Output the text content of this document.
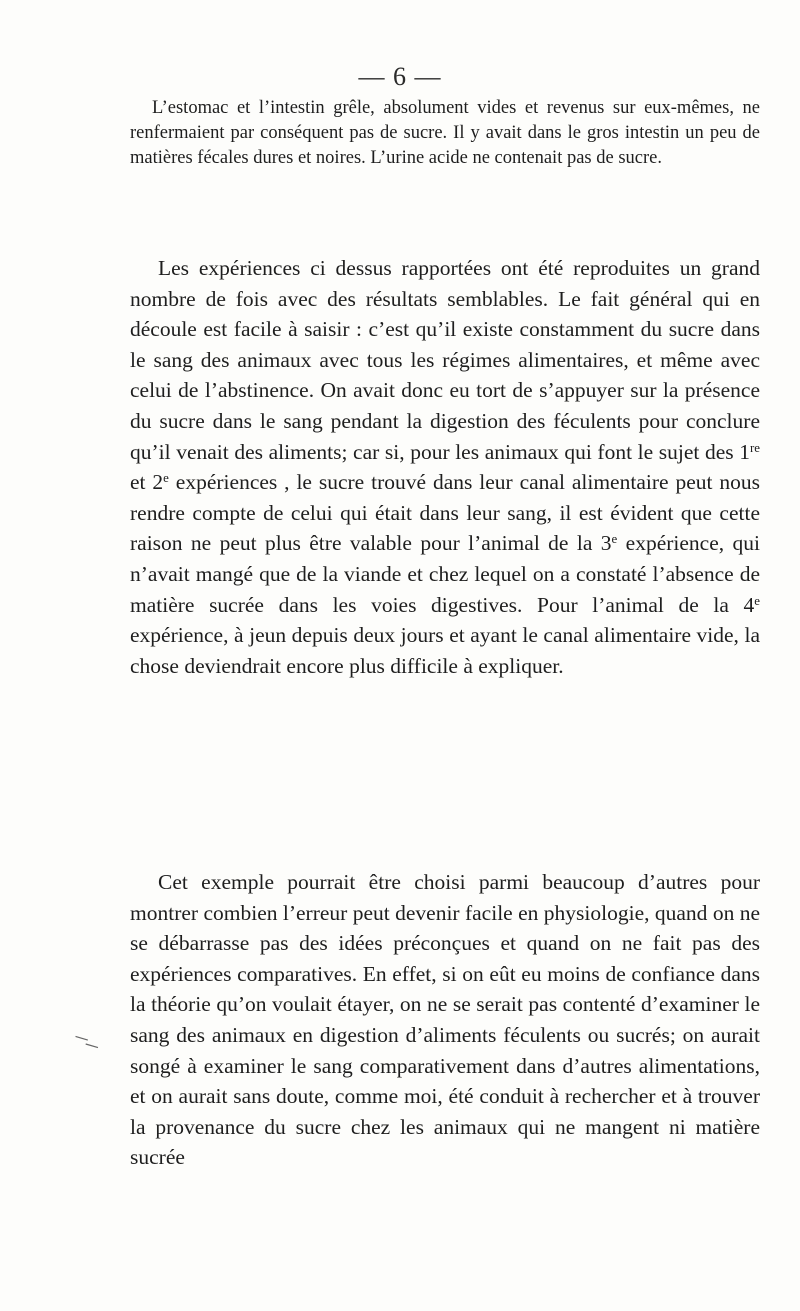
— 6 —

L’estomac et l’intestin grêle, absolument vides et revenus sur eux-mêmes, ne renfermaient par conséquent pas de sucre. Il y avait dans le gros intestin un peu de matières fécales dures et noires. L’urine acide ne contenait pas de sucre.

Les expériences ci dessus rapportées ont été reproduites un grand nombre de fois avec des résultats semblables. Le fait général qui en découle est facile à saisir : c’est qu’il existe constamment du sucre dans le sang des animaux avec tous les régimes alimentaires, et même avec celui de l’abstinence. On avait donc eu tort de s’appuyer sur la présence du sucre dans le sang pendant la digestion des féculents pour conclure qu’il venait des aliments; car si, pour les animaux qui font le sujet des 1re et 2e expériences , le sucre trouvé dans leur canal alimentaire peut nous rendre compte de celui qui était dans leur sang, il est évident que cette raison ne peut plus être valable pour l’animal de la 3e expérience, qui n’avait mangé que de la viande et chez lequel on a constaté l’absence de matière sucrée dans les voies digestives. Pour l’animal de la 4e expérience, à jeun depuis deux jours et ayant le canal alimentaire vide, la chose deviendrait encore plus difficile à expliquer.

Cet exemple pourrait être choisi parmi beaucoup d’autres pour montrer combien l’erreur peut devenir facile en physiologie, quand on ne se débarrasse pas des idées préconçues et quand on ne fait pas des expériences comparatives. En effet, si on eût eu moins de confiance dans la théorie qu’on voulait étayer, on ne se serait pas contenté d’examiner le sang des animaux en digestion d’aliments féculents ou sucrés; on aurait songé à examiner le sang comparativement dans d’autres alimentations, et on aurait sans doute, comme moi, été conduit à rechercher et à trouver la provenance du sucre chez les animaux qui ne mangent ni matière sucrée
